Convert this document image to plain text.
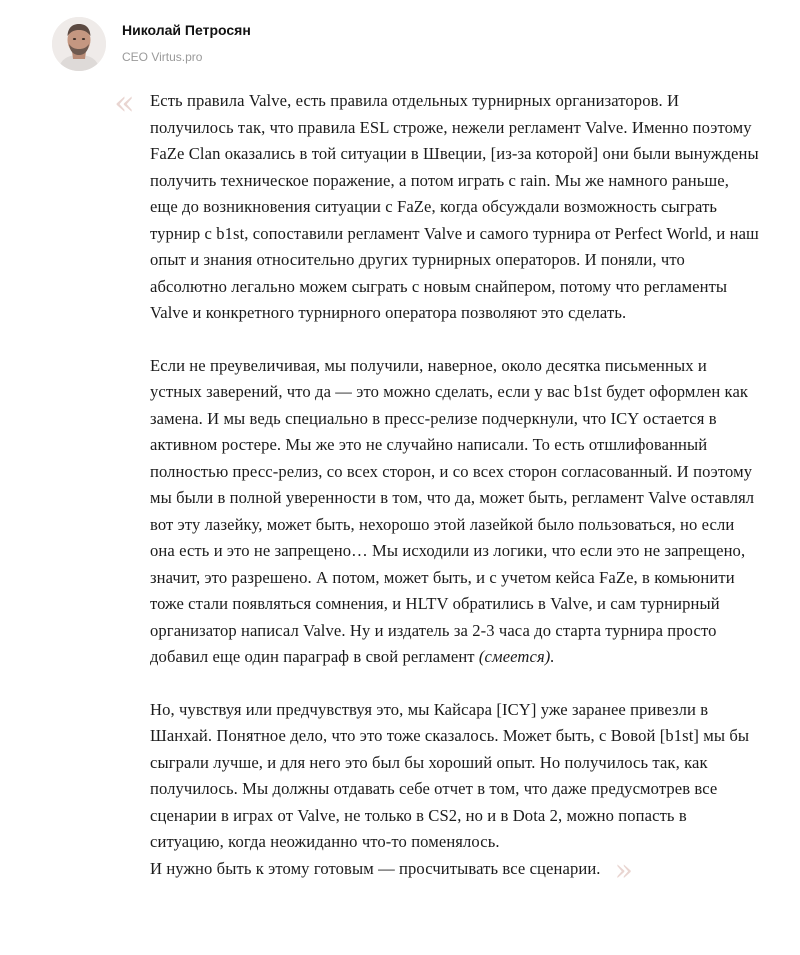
Николай Петросян
CEO Virtus.pro
« Есть правила Valve, есть правила отдельных турнирных организаторов. И получилось так, что правила ESL строже, нежели регламент Valve. Именно поэтому FaZe Clan оказались в той ситуации в Швеции, [из-за которой] они были вынуждены получить техническое поражение, а потом играть с rain. Мы же намного раньше, еще до возникновения ситуации с FaZe, когда обсуждали возможность сыграть турнир с b1st, сопоставили регламент Valve и самого турнира от Perfect World, и наш опыт и знания относительно других турнирных операторов. И поняли, что абсолютно легально можем сыграть с новым снайпером, потому что регламенты Valve и конкретного турнирного оператора позволяют это сделать.

Если не преувеличивая, мы получили, наверное, около десятка письменных и устных заверений, что да — это можно сделать, если у вас b1st будет оформлен как замена. И мы ведь специально в пресс-релизе подчеркнули, что ICY остается в активном ростере. Мы же это не случайно написали. То есть отшлифованный полностью пресс-релиз, со всех сторон, и со всех сторон согласованный. И поэтому мы были в полной уверенности в том, что да, может быть, регламент Valve оставлял вот эту лазейку, может быть, нехорошо этой лазейкой было пользоваться, но если она есть и это не запрещено… Мы исходили из логики, что если это не запрещено, значит, это разрешено. А потом, может быть, и с учетом кейса FaZe, в комьюнити тоже стали появляться сомнения, и HLTV обратились в Valve, и сам турнирный организатор написал Valve. Ну и издатель за 2-3 часа до старта турнира просто добавил еще один параграф в свой регламент (смеется).

Но, чувствуя или предчувствуя это, мы Кайсара [ICY] уже заранее привезли в Шанхай. Понятное дело, что это тоже сказалось. Может быть, с Вовой [b1st] мы бы сыграли лучше, и для него это был бы хороший опыт. Но получилось так, как получилось. Мы должны отдавать себе отчет в том, что даже предусмотрев все сценарии в играх от Valve, не только в CS2, но и в Dota 2, можно попасть в ситуацию, когда неожиданно что-то поменялось.
И нужно быть к этому готовым — просчитывать все сценарии. »
